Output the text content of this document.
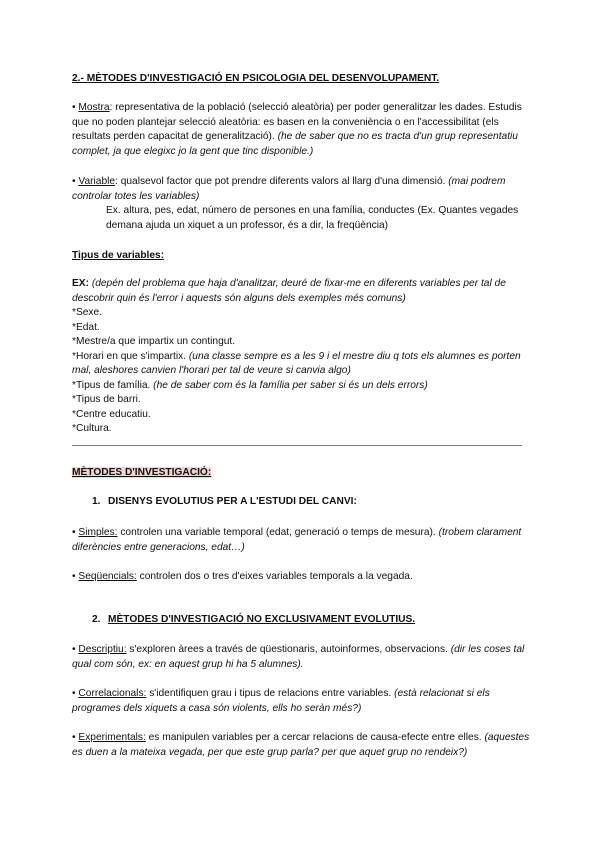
2.- MÈTODES D'INVESTIGACIÓ EN PSICOLOGIA DEL DESENVOLUPAMENT.
• Mostra: representativa de la població (selecció aleatòria) per poder generalitzar les dades. Estudis que no poden plantejar selecció aleatòria: es basen en la conveniència o en l'accessibilitat (els resultats perden capacitat de generalització). (he de saber que no es tracta d'un grup representatiu complet, ja que elegixc jo la gent que tinc disponible.)
• Variable: qualsevol factor que pot prendre diferents valors al llarg d'una dimensió. (mai podrem controlar totes les variables)
Ex. altura, pes, edat, número de persones en una família, conductes (Ex. Quantes vegades demana ajuda un xiquet a un professor, és a dir, la freqüència)
Tipus de variables:
EX: (depén del problema que haja d'analitzar, deuré de fixar-me en diferents variables per tal de descobrir quin és l'error i aquests són alguns dels exemples més comuns)
*Sexe.
*Edat.
*Mestre/a que impartix un contingut.
*Horari en que s'impartix. (una classe sempre es a les 9 i el mestre diu q tots els alumnes es porten mal, aleshores canvien l'horari per tal de veure si canvia algo)
*Tipus de família. (he de saber com és la família per saber si és un dels errors)
*Tipus de barri.
*Centre educatiu.
*Cultura.
MÈTODES D'INVESTIGACIÓ:
1. DISENYS EVOLUTIUS PER A L'ESTUDI DEL CANVI:
• Simples: controlen una variable temporal (edat, generació o temps de mesura). (trobem clarament diferències entre generacions, edat…)
• Seqüencials: controlen dos o tres d'eixes variables temporals a la vegada.
2. MÈTODES D'INVESTIGACIÓ NO EXCLUSIVAMENT EVOLUTIUS.
• Descriptiu: s'exploren àrees a través de qüestionaris, autoinformes, observacions. (dir les coses tal qual com són, ex: en aquest grup hi ha 5 alumnes).
• Correlacionals: s'identifiquen grau i tipus de relacions entre variables. (està relacionat si els programes dels xiquets a casa són violents, ells ho seràn més?)
• Experimentals: es manipulen variables per a cercar relacions de causa-efecte entre elles. (aquestes es duen a la mateixa vegada, per que este grup parla? per que aquet grup no rendeix?)
